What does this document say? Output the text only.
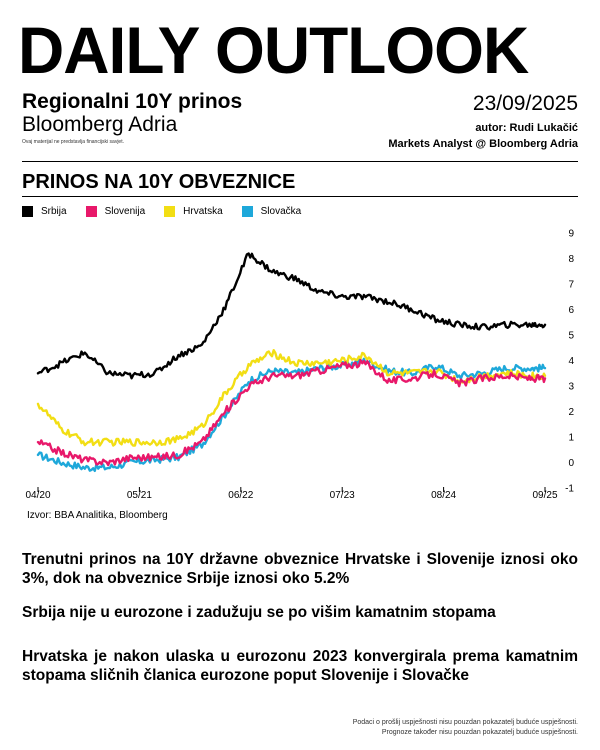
DAILY OUTLOOK
Regionalni 10Y prinos
Bloomberg Adria
Ovaj materijal ne predstavlja financijski savjet.
23/09/2025
autor: Rudi Lukačić
Markets Analyst @ Bloomberg Adria
PRINOS NA 10Y OBVEZNICE
Srbija	Slovenija	Hrvatska	Slovačka
9
8
7
6
5
4
3
2
1
0
-1
04/20	05/21	06/22	07/23	08/24	09/25
Izvor: BBA Analitika, Bloomberg

Trenutni prinos na 10Y državne obveznice Hrvatske i Slovenije iznosi oko 3%, dok na obveznice Srbije iznosi oko 5.2%

Srbija nije u eurozone i zadužuju se po višim kamatnim stopama

Hrvatska je nakon ulaska u eurozonu 2023 konvergirala prema kamatnim stopama sličnih članica eurozone poput Slovenije i Slovačke

Podaci o prošlij uspješnosti nisu pouzdan pokazatelj buduće uspješnosti.
Prognoze također nisu pouzdan pokazatelj buduće uspješnosti.
